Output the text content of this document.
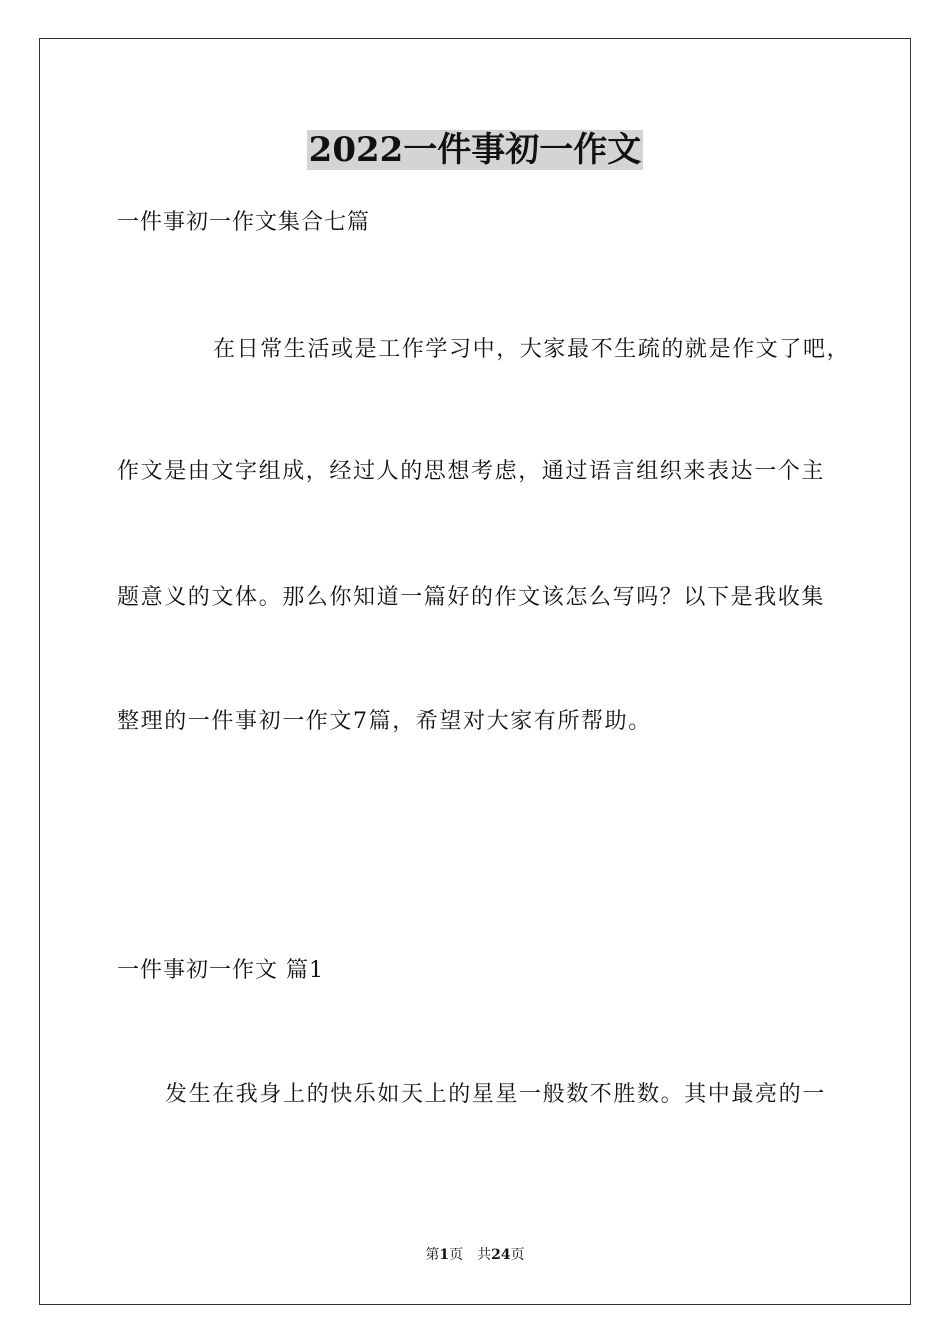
2022一件事初一作文

一件事初一作文集合七篇

在日常生活或是工作学习中，大家最不生疏的就是作文了吧，

作文是由文字组成，经过人的思想考虑，通过语言组织来表达一个主

题意义的文体。那么你知道一篇好的作文该怎么写吗？以下是我收集

整理的一件事初一作文7篇，希望对大家有所帮助。

一件事初一作文 篇1

发生在我身上的快乐如天上的星星一般数不胜数。其中最亮的一

第1页 共24页
